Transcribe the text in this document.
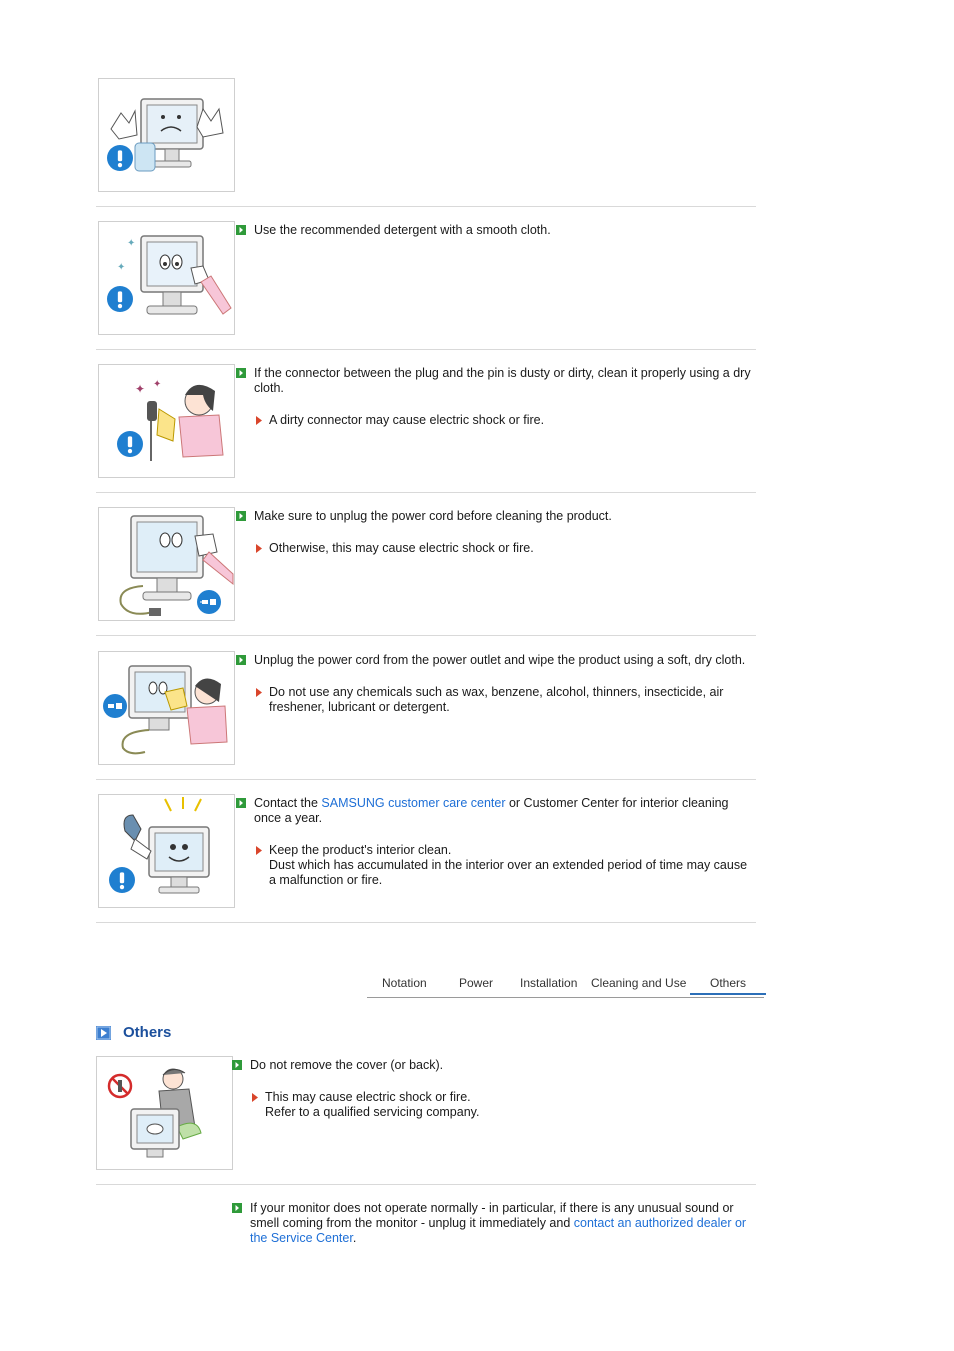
✦
✦
Use the recommended detergent with a smooth cloth.
✦ ✦
If the connector between the plug and the pin is dusty or dirty, clean it properly using a dry cloth.
A dirty connector may cause electric shock or fire.
Make sure to unplug the power cord before cleaning the product.
Otherwise, this may cause electric shock or fire.
Unplug the power cord from the power outlet and wipe the product using a soft, dry cloth.
Do not use any chemicals such as wax, benzene, alcohol, thinners, insecticide, air freshener, lubricant or detergent.
Contact the SAMSUNG customer care center or Customer Center for interior cleaning once a year.
Keep the product's interior clean.
Dust which has accumulated in the interior over an extended period of time may cause a malfunction or fire.
Notation	Power Installation Cleaning and Use	Others
Others
Do not remove the cover (or back).
This may cause electric shock or fire.
Refer to a qualified servicing company.
If your monitor does not operate normally - in particular, if there is any unusual sound or smell coming from the monitor - unplug it immediately and contact an authorized dealer or the Service Center.
